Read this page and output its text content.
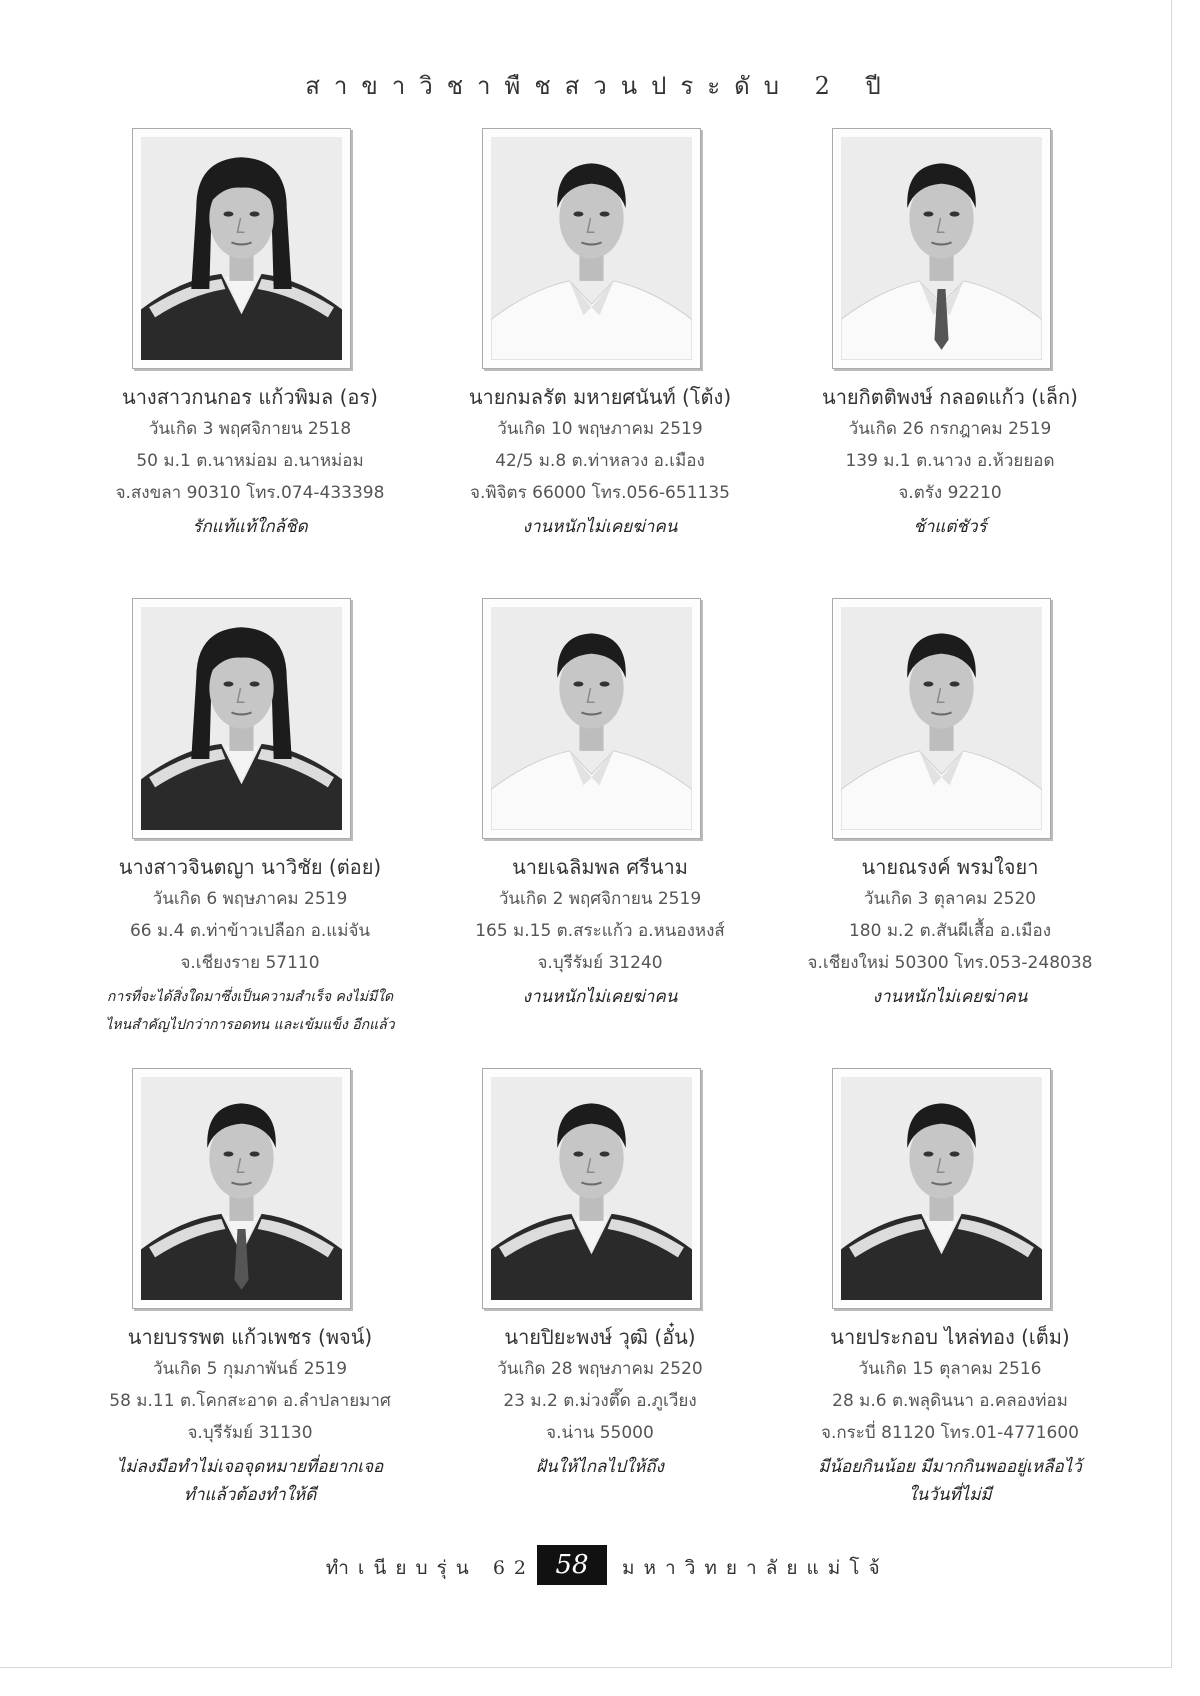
สาขาวิชาพืชสวนประดับ 2 ปี
นางสาวกนกอร แก้วพิมล (อร)
วันเกิด 3 พฤศจิกายน 2518
50 ม.1 ต.นาหม่อม อ.นาหม่อม
จ.สงขลา 90310 โทร.074-433398
รักแท้แท้ใกล้ชิด
นายกมลรัต มหายศนันท์ (โต้ง)
วันเกิด 10 พฤษภาคม 2519
42/5 ม.8 ต.ท่าหลวง อ.เมือง
จ.พิจิตร 66000 โทร.056-651135
งานหนักไม่เคยฆ่าคน
นายกิตติพงษ์ กลอดแก้ว (เล็ก)
วันเกิด 26 กรกฎาคม 2519
139 ม.1 ต.นาวง อ.ห้วยยอด
จ.ตรัง 92210
ช้าแต่ชัวร์
นางสาวจินตญา นาวิชัย (ต่อย)
วันเกิด 6 พฤษภาคม 2519
66 ม.4 ต.ท่าข้าวเปลือก อ.แม่จัน
จ.เชียงราย 57110
การที่จะได้สิ่งใดมาซึ่งเป็นความสำเร็จ คงไม่มีใด
ไหนสำคัญไปกว่าการอดทน และเข้มแข็ง อีกแล้ว
นายเฉลิมพล ศรีนาม
วันเกิด 2 พฤศจิกายน 2519
165 ม.15 ต.สระแก้ว อ.หนองหงส์
จ.บุรีรัมย์ 31240
งานหนักไม่เคยฆ่าคน
นายณรงค์ พรมใจยา
วันเกิด 3 ตุลาคม 2520
180 ม.2 ต.สันผีเสื้อ อ.เมือง
จ.เชียงใหม่ 50300 โทร.053-248038
งานหนักไม่เคยฆ่าคน
นายบรรพต แก้วเพชร (พจน์)
วันเกิด 5 กุมภาพันธ์ 2519
58 ม.11 ต.โคกสะอาด อ.ลำปลายมาศ
จ.บุรีรัมย์ 31130
ไม่ลงมือทำไม่เจอจุดหมายที่อยากเจอ
ทำแล้วต้องทำให้ดี
นายปิยะพงษ์ วุฒิ (อั๋น)
วันเกิด 28 พฤษภาคม 2520
23 ม.2 ต.ม่วงตึ๊ด อ.ภูเวียง
จ.น่าน 55000
ฝันให้ไกลไปให้ถึง
นายประกอบ ไหล่ทอง (เต็ม)
วันเกิด 15 ตุลาคม 2516
28 ม.6 ต.พลุดินนา อ.คลองท่อม
จ.กระบี่ 81120 โทร.01-4771600
มีน้อยกินน้อย มีมากกินพออยู่เหลือไว้
ในวันที่ไม่มี
ทำเนียบรุ่น 62 58	มหาวิทยาลัยแม่โจ้
